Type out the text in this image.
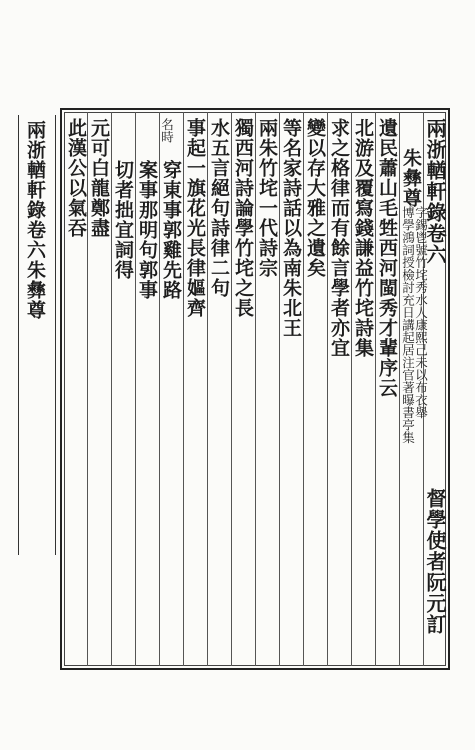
兩浙輶軒錄卷六朱彝尊
兩浙輶軒錄卷六
督學使者阮元訂
朱彝尊
字錫鬯號竹垞秀水人康熙己未以布衣舉
博學鴻詞授檢討充日講起居注官著曝書亭集
名時	遺民蕭山毛甡西河閩秀才輩序云
北游及覆寫錢謙益竹垞詩集
求之格律而有餘言學者亦宜
變以存大雅之遺矣
等名家詩話以為南朱北王
兩朱竹垞一代詩宗
獨西河詩論學竹垞之長
水五言絕句詩律二句
事起一旗花光長律嫗齊
穿東事郭雞先路
案事那明句郭事
切者拙宜詞得
元可白龍鄭盡
此漢公以氣吞
